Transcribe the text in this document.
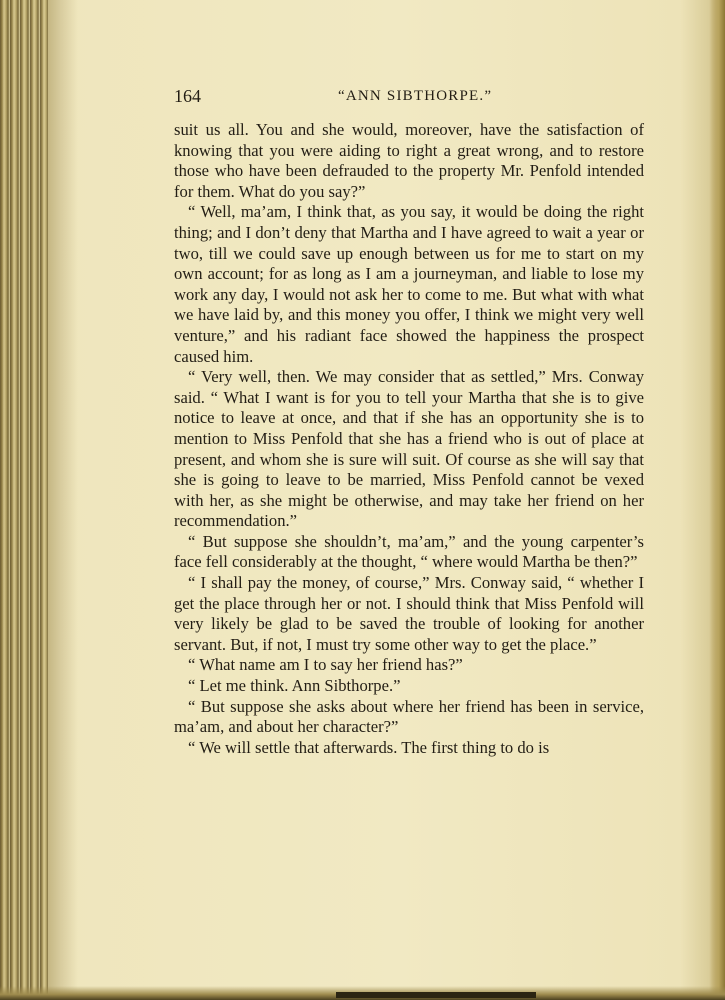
164	“ANN SIBTHORPE.”

suit us all. You and she would, moreover, have the satisfaction of knowing that you were aiding to right a great wrong, and to restore those who have been defrauded to the property Mr. Penfold intended for them. What do you say?”

“ Well, ma’am, I think that, as you say, it would be doing the right thing; and I don’t deny that Martha and I have agreed to wait a year or two, till we could save up enough between us for me to start on my own account; for as long as I am a journeyman, and liable to lose my work any day, I would not ask her to come to me. But what with what we have laid by, and this money you offer, I think we might very well venture,” and his radiant face showed the happiness the prospect caused him.

“ Very well, then. We may consider that as settled,” Mrs. Conway said. “ What I want is for you to tell your Martha that she is to give notice to leave at once, and that if she has an opportunity she is to mention to Miss Penfold that she has a friend who is out of place at present, and whom she is sure will suit. Of course as she will say that she is going to leave to be married, Miss Penfold cannot be vexed with her, as she might be otherwise, and may take her friend on her recommendation.”

“ But suppose she shouldn’t, ma’am,” and the young carpenter’s face fell considerably at the thought, “ where would Martha be then?”

“ I shall pay the money, of course,” Mrs. Conway said, “ whether I get the place through her or not. I should think that Miss Penfold will very likely be glad to be saved the trouble of looking for another servant. But, if not, I must try some other way to get the place.”

“ What name am I to say her friend has?”

“ Let me think. Ann Sibthorpe.”

“ But suppose she asks about where her friend has been in service, ma’am, and about her character?”

“ We will settle that afterwards. The first thing to do is
